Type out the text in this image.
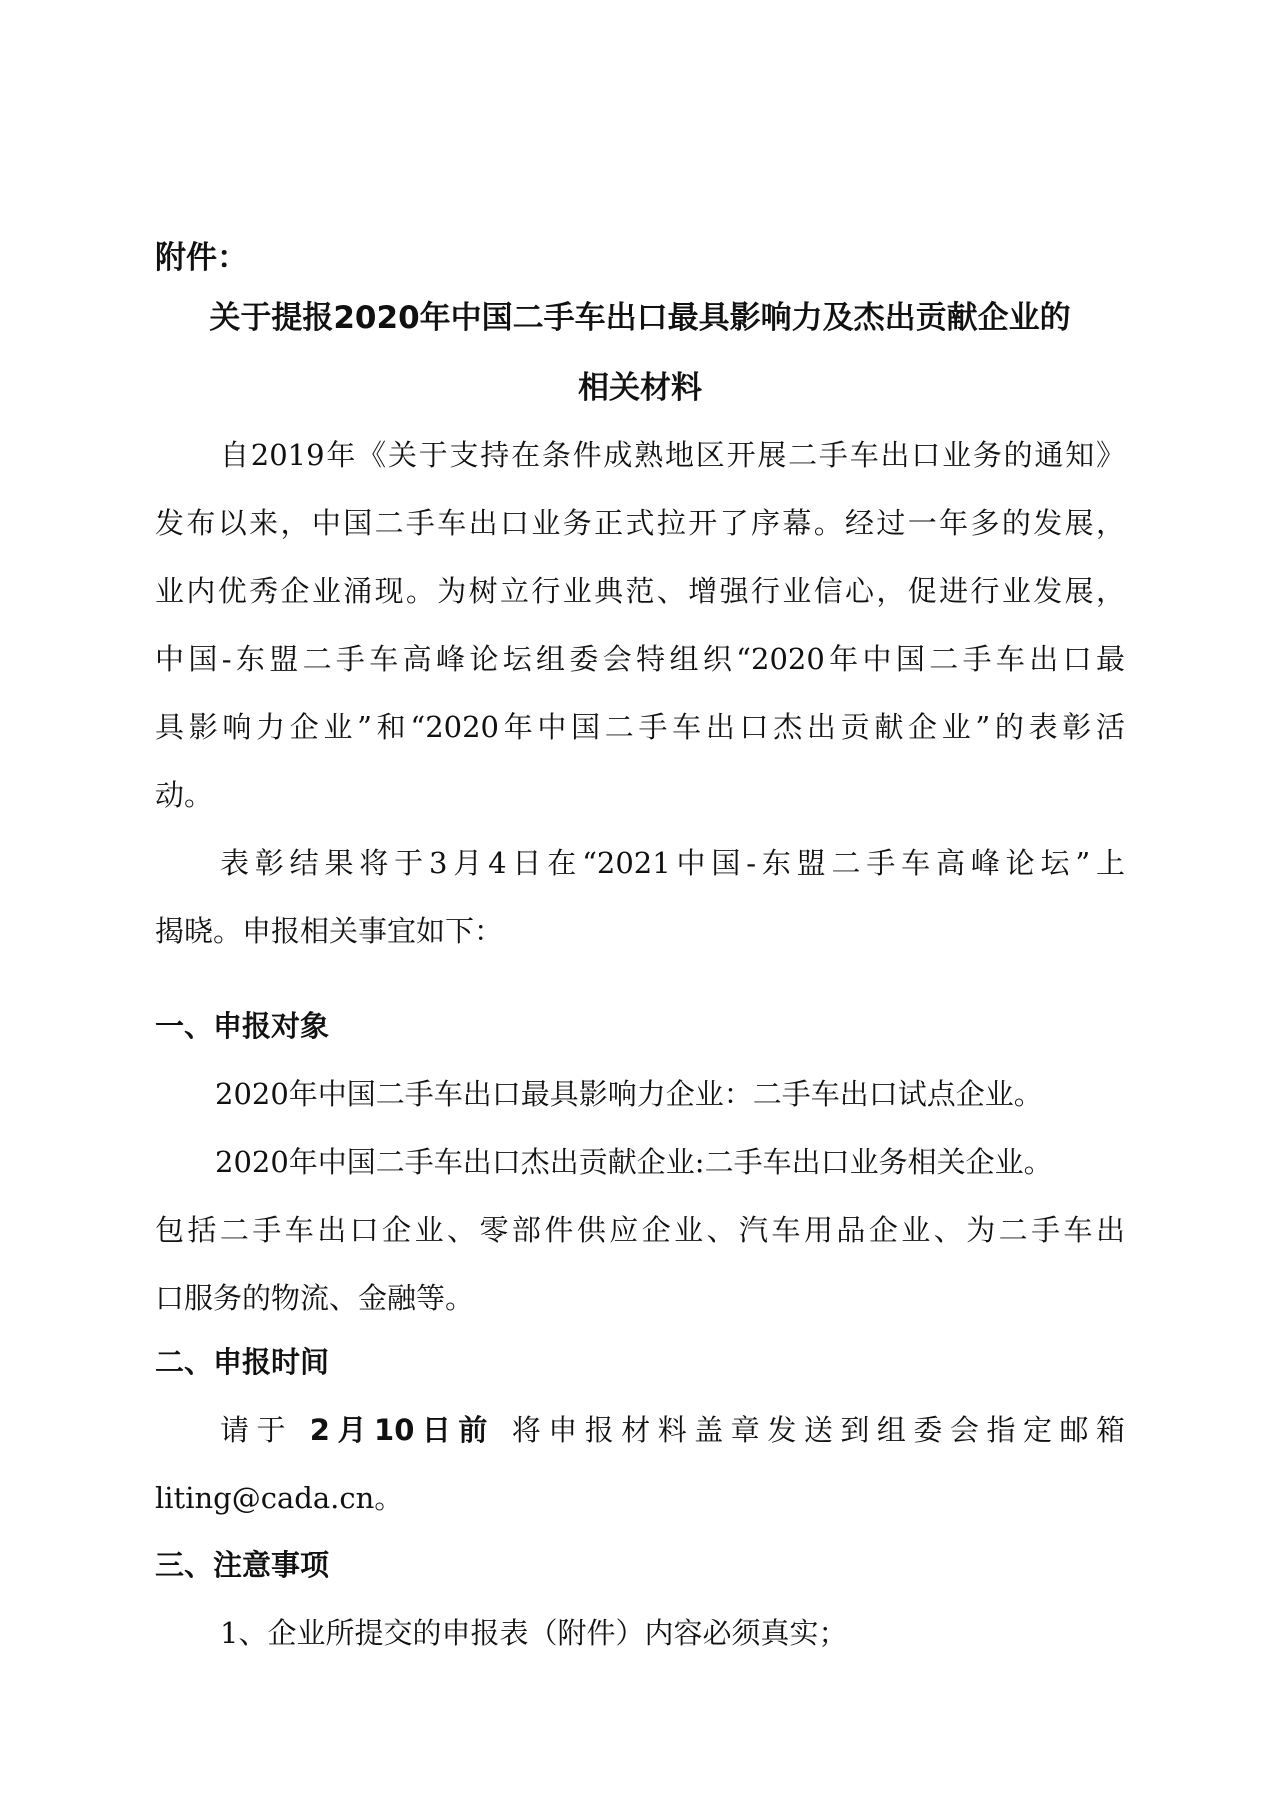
附件：
关于提报2020年中国二手车出口最具影响力及杰出贡献企业的
相关材料
自2019年《关于支持在条件成熟地区开展二手车出口业务的通知》
发布以来，中国二手车出口业务正式拉开了序幕。经过一年多的发展，
业内优秀企业涌现。为树立行业典范、增强行业信心，促进行业发展，
中国-东盟二手车高峰论坛组委会特组织“2020年中国二手车出口最
具影响力企业”和“2020年中国二手车出口杰出贡献企业”的表彰活
动。
表彰结果将于3月4日在“2021中国-东盟二手车高峰论坛”上
揭晓。申报相关事宜如下：
一、申报对象
2020年中国二手车出口最具影响力企业：二手车出口试点企业。
2020年中国二手车出口杰出贡献企业:二手车出口业务相关企业。
包括二手车出口企业、零部件供应企业、汽车用品企业、为二手车出
口服务的物流、金融等。
二、申报时间
请于 2月10日前 将申报材料盖章发送到组委会指定邮箱
liting@cada.cn。
三、注意事项
1、企业所提交的申报表（附件）内容必须真实；
